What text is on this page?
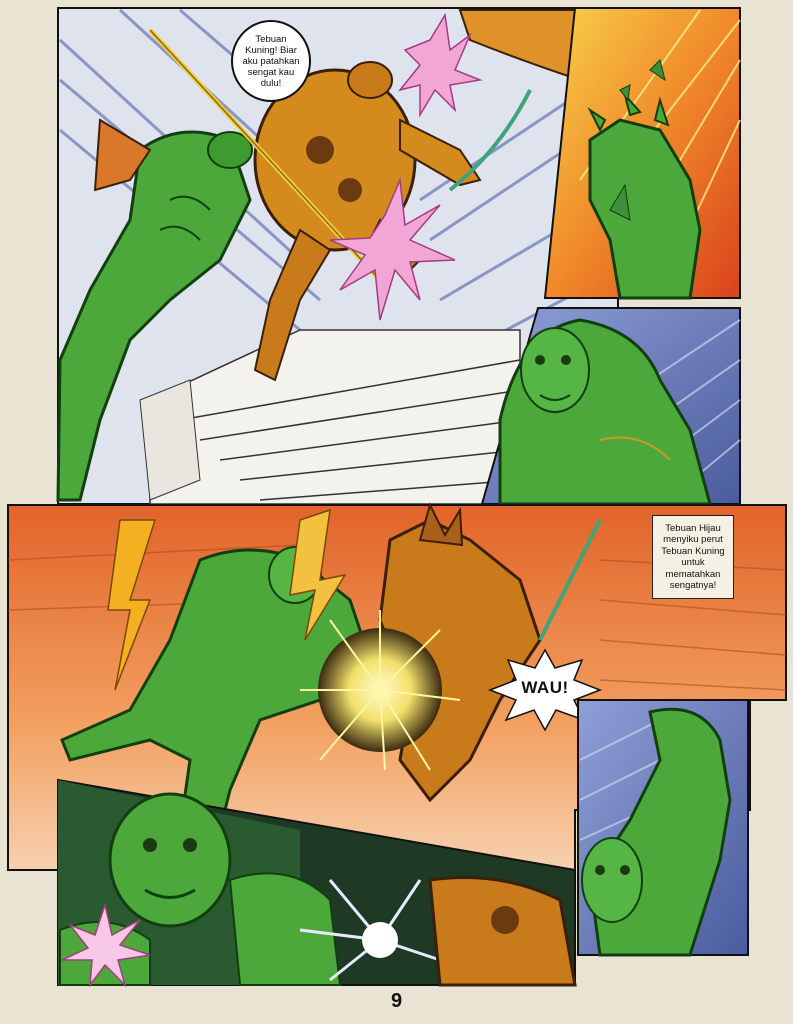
Tebuan Kuning! Biar aku patahkan sengat kau dulu!
Tebuan Hijau menyiku perut Tebuan Kuning untuk mematahkan sengatnya!
WAU!
9
